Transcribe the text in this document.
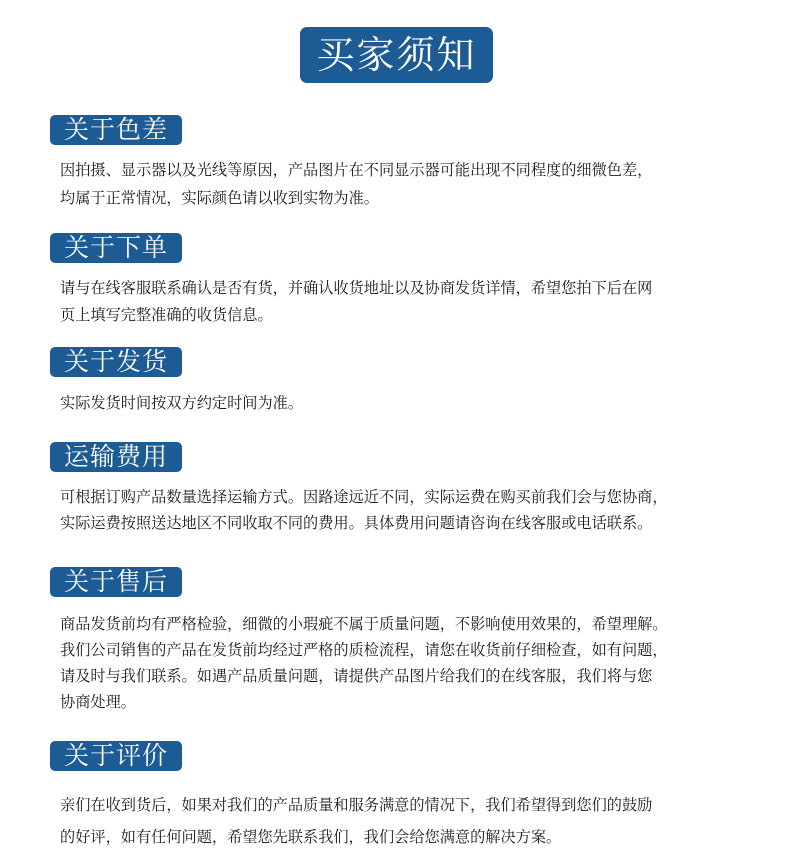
买家须知
关于色差
因拍摄、显示器以及光线等原因，产品图片在不同显示器可能出现不同程度的细微色差，
均属于正常情况，实际颜色请以收到实物为准。
关于下单
请与在线客服联系确认是否有货，并确认收货地址以及协商发货详情，希望您拍下后在网
页上填写完整准确的收货信息。
关于发货
实际发货时间按双方约定时间为准。
运输费用
可根据订购产品数量选择运输方式。因路途远近不同，实际运费在购买前我们会与您协商，
实际运费按照送达地区不同收取不同的费用。具体费用问题请咨询在线客服或电话联系。
关于售后
商品发货前均有严格检验，细微的小瑕疵不属于质量问题，不影响使用效果的，希望理解。
我们公司销售的产品在发货前均经过严格的质检流程，请您在收货前仔细检查，如有问题，
请及时与我们联系。如遇产品质量问题，请提供产品图片给我们的在线客服，我们将与您
协商处理。
关于评价
亲们在收到货后，如果对我们的产品质量和服务满意的情况下，我们希望得到您们的鼓励
的好评，如有任何问题，希望您先联系我们，我们会给您满意的解决方案。
